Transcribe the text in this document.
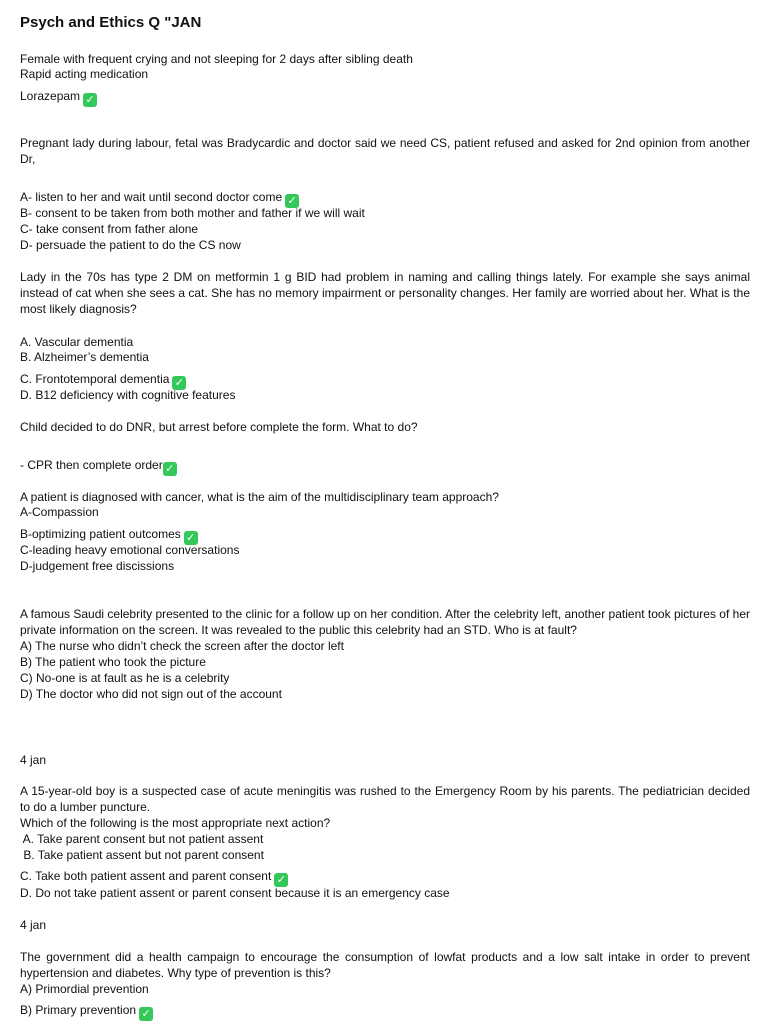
Psych and Ethics Q "JAN
Female with frequent crying and not sleeping for 2 days after sibling death
Rapid acting medication
Lorazepam ✓
Pregnant lady during labour, fetal was Bradycardic and doctor said we need CS, patient refused and asked for 2nd opinion from another Dr,
A- listen to her and wait until second doctor come ✓
B- consent to be taken from both mother and father if we will wait
C- take consent from father alone
D- persuade the patient to do the CS now
Lady in the 70s has type 2 DM on metformin 1 g BID had problem in naming and calling things lately. For example she says animal instead of cat when she sees a cat. She has no memory impairment or personality changes. Her family are worried about her. What is the most likely diagnosis?
A. Vascular dementia
B. Alzheimer’s dementia
C. Frontotemporal dementia ✓
D. B12 deficiency with cognitive features
Child decided to do DNR, but arrest before complete the form. What to do?
- CPR then complete order ✓
A patient is diagnosed with cancer, what is the aim of the multidisciplinary team approach?
A-Compassion
B-optimizing patient outcomes ✓
C-leading heavy emotional conversations
D-judgement free discissions
A famous Saudi celebrity presented to the clinic for a follow up on her condition. After the celebrity left, another patient took pictures of her private information on the screen. It was revealed to the public this celebrity had an STD. Who is at fault?
A) The nurse who didn’t check the screen after the doctor left
B) The patient who took the picture
C) No-one is at fault as he is a celebrity
D) The doctor who did not sign out of the account
4 jan
A 15-year-old boy is a suspected case of acute meningitis was rushed to the Emergency Room by his parents. The pediatrician decided to do a lumber puncture.
Which of the following is the most appropriate next action?
A. Take parent consent but not patient assent
B. Take patient assent but not parent consent
C. Take both patient assent and parent consent ✓
D. Do not take patient assent or parent consent because it is an emergency case
4 jan
The government did a health campaign to encourage the consumption of lowfat products and a low salt intake in order to prevent hypertension and diabetes. Why type of prevention is this?
A) Primordial prevention
B) Primary prevention ✓
